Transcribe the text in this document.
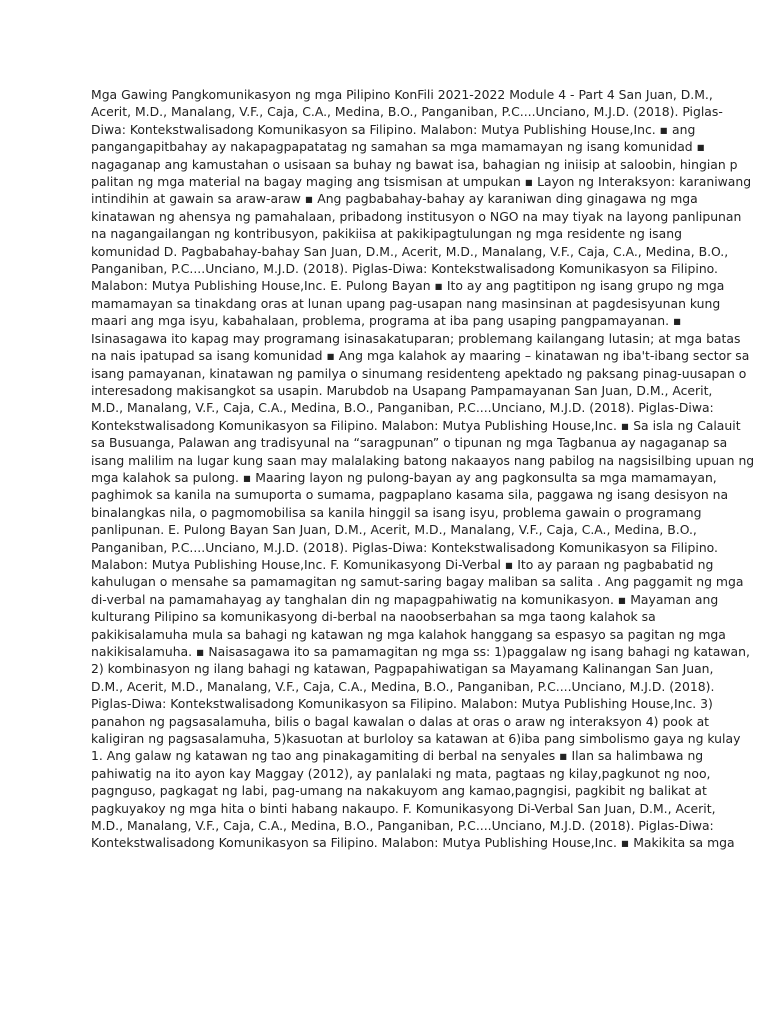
Mga Gawing Pangkomunikasyon ng mga Pilipino KonFili 2021-2022 Module 4 - Part 4 San Juan, D.M.,
Acerit, M.D., Manalang, V.F., Caja, C.A., Medina, B.O., Panganiban, P.C....Unciano, M.J.D. (2018). Piglas-
Diwa: Kontekstwalisadong Komunikasyon sa Filipino. Malabon: Mutya Publishing House,Inc. ▪ ang
pangangapitbahay ay nakapagpapatatag ng samahan sa mga mamamayan ng isang komunidad ▪
nagaganap ang kamustahan o usisaan sa buhay ng bawat isa, bahagian ng iniisip at saloobin, hingian p
palitan ng mga material na bagay maging ang tsismisan at umpukan ▪ Layon ng Interaksyon: karaniwang
intindihin at gawain sa araw-araw ▪ Ang pagbabahay-bahay ay karaniwan ding ginagawa ng mga
kinatawan ng ahensya ng pamahalaan, pribadong institusyon o NGO na may tiyak na layong panlipunan
na nagangailangan ng kontribusyon, pakikiisa at pakikipagtulungan ng mga residente ng isang
komunidad D. Pagbabahay-bahay San Juan, D.M., Acerit, M.D., Manalang, V.F., Caja, C.A., Medina, B.O.,
Panganiban, P.C....Unciano, M.J.D. (2018). Piglas-Diwa: Kontekstwalisadong Komunikasyon sa Filipino.
Malabon: Mutya Publishing House,Inc. E. Pulong Bayan ▪ Ito ay ang pagtitipon ng isang grupo ng mga
mamamayan sa tinakdang oras at lunan upang pag-usapan nang masinsinan at pagdesisyunan kung
maari ang mga isyu, kabahalaan, problema, programa at iba pang usaping pangpamayanan. ▪
Isinasagawa ito kapag may programang isinasakatuparan; problemang kailangang lutasin; at mga batas
na nais ipatupad sa isang komunidad ▪ Ang mga kalahok ay maaring – kinatawan ng iba't-ibang sector sa
isang pamayanan, kinatawan ng pamilya o sinumang residenteng apektado ng paksang pinag-uusapan o
interesadong makisangkot sa usapin. Marubdob na Usapang Pampamayanan San Juan, D.M., Acerit,
M.D., Manalang, V.F., Caja, C.A., Medina, B.O., Panganiban, P.C....Unciano, M.J.D. (2018). Piglas-Diwa:
Kontekstwalisadong Komunikasyon sa Filipino. Malabon: Mutya Publishing House,Inc. ▪ Sa isla ng Calauit
sa Busuanga, Palawan ang tradisyunal na “saragpunan” o tipunan ng mga Tagbanua ay nagaganap sa
isang malilim na lugar kung saan may malalaking batong nakaayos nang pabilog na nagsisilbing upuan ng
mga kalahok sa pulong. ▪ Maaring layon ng pulong-bayan ay ang pagkonsulta sa mga mamamayan,
paghimok sa kanila na sumuporta o sumama, pagpaplano kasama sila, paggawa ng isang desisyon na
binalangkas nila, o pagmomobilisa sa kanila hinggil sa isang isyu, problema gawain o programang
panlipunan. E. Pulong Bayan San Juan, D.M., Acerit, M.D., Manalang, V.F., Caja, C.A., Medina, B.O.,
Panganiban, P.C....Unciano, M.J.D. (2018). Piglas-Diwa: Kontekstwalisadong Komunikasyon sa Filipino.
Malabon: Mutya Publishing House,Inc. F. Komunikasyong Di-Verbal ▪ Ito ay paraan ng pagbabatid ng
kahulugan o mensahe sa pamamagitan ng samut-saring bagay maliban sa salita . Ang paggamit ng mga
di-verbal na pamamahayag ay tanghalan din ng mapagpahiwatig na komunikasyon. ▪ Mayaman ang
kulturang Pilipino sa komunikasyong di-berbal na naoobserbahan sa mga taong kalahok sa
pakikisalamuha mula sa bahagi ng katawan ng mga kalahok hanggang sa espasyo sa pagitan ng mga
nakikisalamuha. ▪ Naisasagawa ito sa pamamagitan ng mga ss: 1)paggalaw ng isang bahagi ng katawan,
2) kombinasyon ng ilang bahagi ng katawan, Pagpapahiwatigan sa Mayamang Kalinangan San Juan,
D.M., Acerit, M.D., Manalang, V.F., Caja, C.A., Medina, B.O., Panganiban, P.C....Unciano, M.J.D. (2018).
Piglas-Diwa: Kontekstwalisadong Komunikasyon sa Filipino. Malabon: Mutya Publishing House,Inc. 3)
panahon ng pagsasalamuha, bilis o bagal kawalan o dalas at oras o araw ng interaksyon 4) pook at
kaligiran ng pagsasalamuha, 5)kasuotan at burloloy sa katawan at 6)iba pang simbolismo gaya ng kulay
1. Ang galaw ng katawan ng tao ang pinakagamiting di berbal na senyales ▪ Ilan sa halimbawa ng
pahiwatig na ito ayon kay Maggay (2012), ay panlalaki ng mata, pagtaas ng kilay,pagkunot ng noo,
pagnguso, pagkagat ng labi, pag-umang na nakakuyom ang kamao,pagngisi, pagkibit ng balikat at
pagkuyakoy ng mga hita o binti habang nakaupo. F. Komunikasyong Di-Verbal San Juan, D.M., Acerit,
M.D., Manalang, V.F., Caja, C.A., Medina, B.O., Panganiban, P.C....Unciano, M.J.D. (2018). Piglas-Diwa:
Kontekstwalisadong Komunikasyon sa Filipino. Malabon: Mutya Publishing House,Inc. ▪ Makikita sa mga
